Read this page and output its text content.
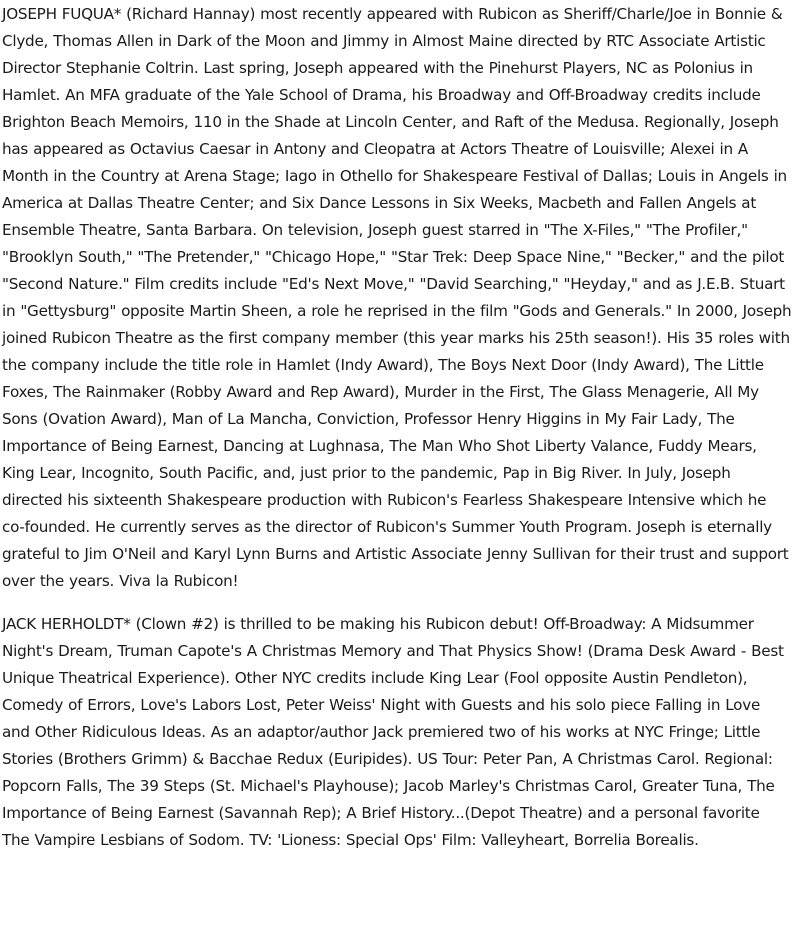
JOSEPH FUQUA* (Richard Hannay) most recently appeared with Rubicon as Sheriff/Charle/Joe in Bonnie & Clyde, Thomas Allen in Dark of the Moon and Jimmy in Almost Maine directed by RTC Associate Artistic Director Stephanie Coltrin. Last spring, Joseph appeared with the Pinehurst Players, NC as Polonius in Hamlet. An MFA graduate of the Yale School of Drama, his Broadway and Off-Broadway credits include Brighton Beach Memoirs, 110 in the Shade at Lincoln Center, and Raft of the Medusa. Regionally, Joseph has appeared as Octavius Caesar in Antony and Cleopatra at Actors Theatre of Louisville; Alexei in A Month in the Country at Arena Stage; Iago in Othello for Shakespeare Festival of Dallas; Louis in Angels in America at Dallas Theatre Center; and Six Dance Lessons in Six Weeks, Macbeth and Fallen Angels at Ensemble Theatre, Santa Barbara. On television, Joseph guest starred in "The X-Files," "The Profiler," "Brooklyn South," "The Pretender," "Chicago Hope," "Star Trek: Deep Space Nine," "Becker," and the pilot "Second Nature." Film credits include "Ed's Next Move," "David Searching," "Heyday," and as J.E.B. Stuart in "Gettysburg" opposite Martin Sheen, a role he reprised in the film "Gods and Generals." In 2000, Joseph joined Rubicon Theatre as the first company member (this year marks his 25th season!). His 35 roles with the company include the title role in Hamlet (Indy Award), The Boys Next Door (Indy Award), The Little Foxes, The Rainmaker (Robby Award and Rep Award), Murder in the First, The Glass Menagerie, All My Sons (Ovation Award), Man of La Mancha, Conviction, Professor Henry Higgins in My Fair Lady, The Importance of Being Earnest, Dancing at Lughnasa, The Man Who Shot Liberty Valance, Fuddy Mears, King Lear, Incognito, South Pacific, and, just prior to the pandemic, Pap in Big River. In July, Joseph directed his sixteenth Shakespeare production with Rubicon's Fearless Shakespeare Intensive which he co-founded. He currently serves as the director of Rubicon's Summer Youth Program. Joseph is eternally grateful to Jim O'Neil and Karyl Lynn Burns and Artistic Associate Jenny Sullivan for their trust and support over the years. Viva la Rubicon!

JACK HERHOLDT* (Clown #2) is thrilled to be making his Rubicon debut! Off-Broadway: A Midsummer Night's Dream, Truman Capote's A Christmas Memory and That Physics Show! (Drama Desk Award - Best Unique Theatrical Experience). Other NYC credits include King Lear (Fool opposite Austin Pendleton), Comedy of Errors, Love's Labors Lost, Peter Weiss' Night with Guests and his solo piece Falling in Love and Other Ridiculous Ideas. As an adaptor/author Jack premiered two of his works at NYC Fringe; Little Stories (Brothers Grimm) & Bacchae Redux (Euripides). US Tour: Peter Pan, A Christmas Carol. Regional: Popcorn Falls, The 39 Steps (St. Michael's Playhouse); Jacob Marley's Christmas Carol, Greater Tuna, The Importance of Being Earnest (Savannah Rep); A Brief History...(Depot Theatre) and a personal favorite The Vampire Lesbians of Sodom. TV: 'Lioness: Special Ops' Film: Valleyheart, Borrelia Borealis.
